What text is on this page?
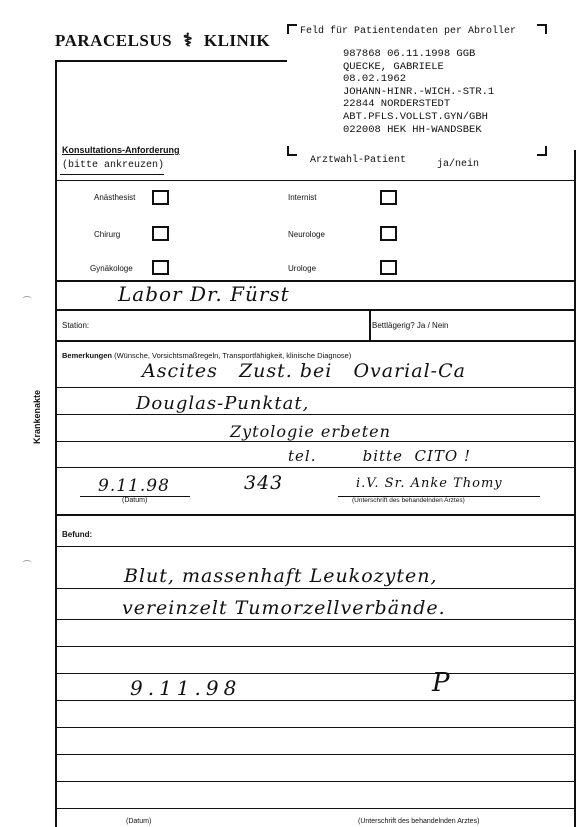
PARACELSUS ⚕ KLINIK	Feld für Patientendaten per Abroller
987868 06.11.1998 GGB
QUECKE, GABRIELE
08.02.1962
JOHANN-HINR.-WICH.-STR.1
22844 NORDERSTEDT
ABT.PFLS.VOLLST.GYN/GBH
022008 HEK HH-WANDSBEK
Konsultations-Anforderung
(bitte ankreuzen)	Arztwahl-Patient	ja/nein
Anästhesist	Internist
Chirurg	Neurologe
Gynäkologe	Urologe
Labor Dr. Fürst
Station:	Bettlägerig? Ja / Nein
Krankenakte
Bemerkungen (Wünsche, Vorsichtsmaßregeln, Transportfähigkeit, klinische Diagnose)
Ascites   Zust. bei   Ovarial-Ca
Douglas-Punktat,
Zytologie erbeten
tel.        bitte  CITO !
9.11.98
(Datum)
343	i.V. Sr. Anke Thomy
(Unterschrift des behandelnden Arztes)
Befund:
Blut, massenhaft Leukozyten,
vereinzelt Tumorzellverbände.
9.11.98	P
(Datum)	(Unterschrift des behandelnden Arztes)
